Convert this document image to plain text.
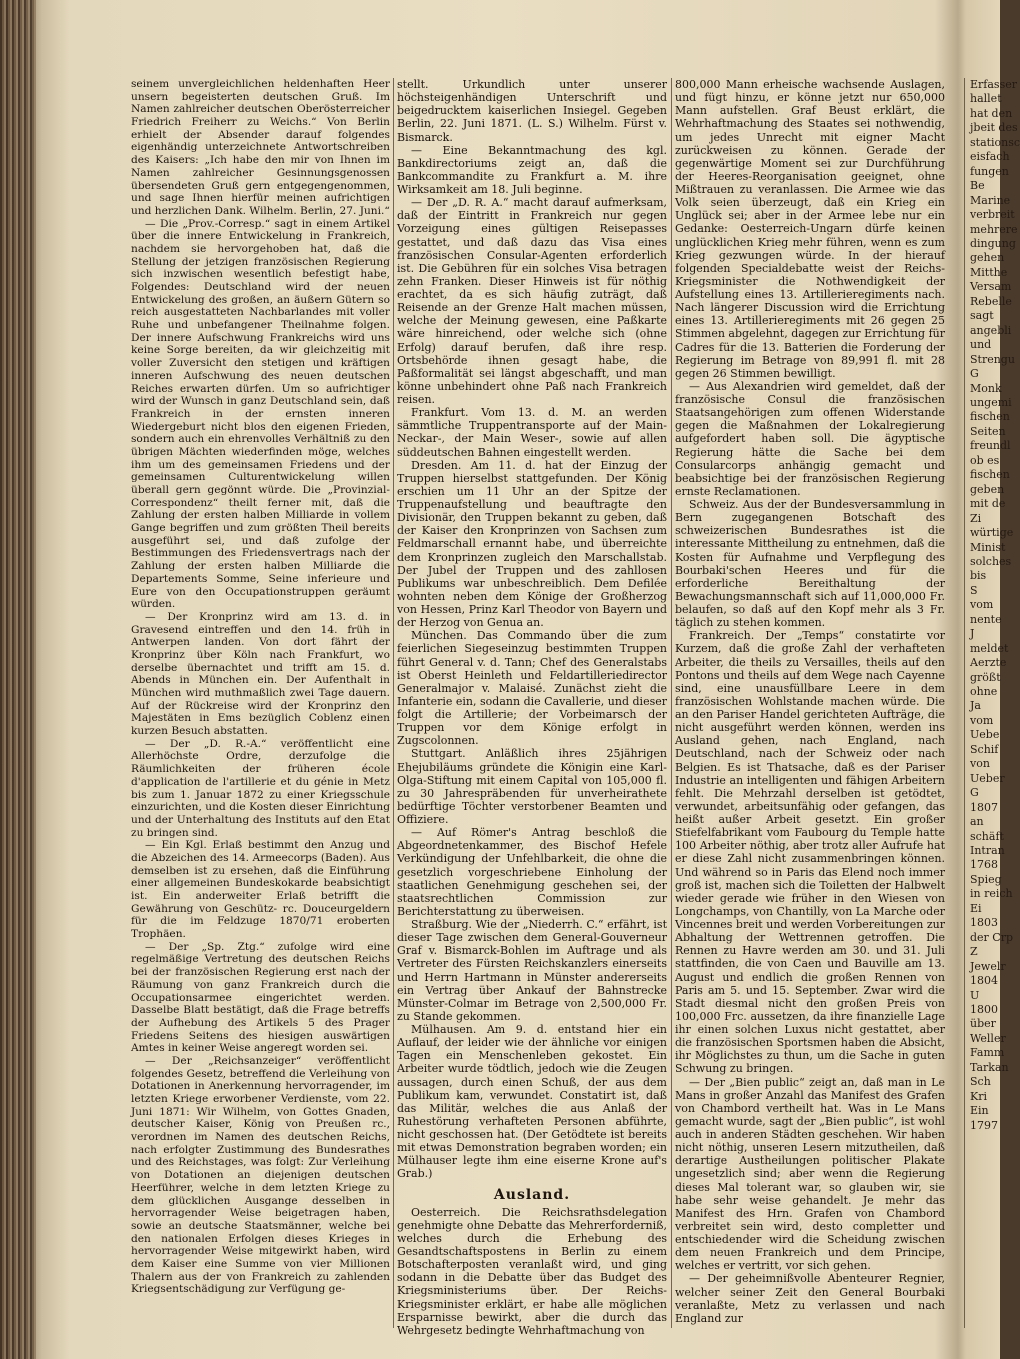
seinem unvergleichlichen heldenhaften Heer unsern begeisterten deutschen Gruß. Im Namen zahlreicher deutschen Oberösterreicher Friedrich Freiherr zu Weichs.“ Von Berlin erhielt der Absender darauf folgendes eigenhändig unterzeichnete Antwortschreiben des Kaisers: „Ich habe den mir von Ihnen im Namen zahlreicher Gesinnungsgenossen übersendeten Gruß gern entgegengenommen, und sage Ihnen hierfür meinen aufrichtigen und herzlichen Dank. Wilhelm. Berlin, 27. Juni.“

— Die „Prov.-Corresp.“ sagt in einem Artikel über die innere Entwickelung in Frankreich, nachdem sie hervorgehoben hat, daß die Stellung der jetzigen französischen Regierung sich inzwischen wesentlich befestigt habe, Folgendes: Deutschland wird der neuen Entwickelung des großen, an äußern Gütern so reich ausgestatteten Nachbarlandes mit voller Ruhe und unbefangener Theilnahme folgen. Der innere Aufschwung Frankreichs wird uns keine Sorge bereiten, da wir gleichzeitig mit voller Zuversicht den stetigen und kräftigen inneren Aufschwung des neuen deutschen Reiches erwarten dürfen. Um so aufrichtiger wird der Wunsch in ganz Deutschland sein, daß Frankreich in der ernsten inneren Wiedergeburt nicht blos den eigenen Frieden, sondern auch ein ehrenvolles Verhältniß zu den übrigen Mächten wiederfinden möge, welches ihm um des gemeinsamen Friedens und der gemeinsamen Culturentwickelung willen überall gern gegönnt würde. Die „Provinzial-Correspondenz“ theilt ferner mit, daß die Zahlung der ersten halben Milliarde in vollem Gange begriffen und zum größten Theil bereits ausgeführt sei, und daß zufolge der Bestimmungen des Friedensvertrags nach der Zahlung der ersten halben Milliarde die Departements Somme, Seine inferieure und Eure von den Occupationstruppen geräumt würden.

— Der Kronprinz wird am 13. d. in Gravesend eintreffen und den 14. früh in Antwerpen landen. Von dort fährt der Kronprinz über Köln nach Frankfurt, wo derselbe übernachtet und trifft am 15. d. Abends in München ein. Der Aufenthalt in München wird muthmaßlich zwei Tage dauern. Auf der Rückreise wird der Kronprinz den Majestäten in Ems bezüglich Coblenz einen kurzen Besuch abstatten.

— Der „D. R.-A.“ veröffentlicht eine Allerhöchste Ordre, derzufolge die Räumlichkeiten der früheren école d'application de l'artillerie et du génie in Metz bis zum 1. Januar 1872 zu einer Kriegsschule einzurichten, und die Kosten dieser Einrichtung und der Unterhaltung des Instituts auf den Etat zu bringen sind.

— Ein Kgl. Erlaß bestimmt den Anzug und die Abzeichen des 14. Armeecorps (Baden). Aus demselben ist zu ersehen, daß die Einführung einer allgemeinen Bundeskokarde beabsichtigt ist. Ein anderweiter Erlaß betrifft die Gewährung von Geschütz- rc. Douceurgeldern für die im Feldzuge 1870/71 eroberten Trophäen.

— Der „Sp. Ztg.“ zufolge wird eine regelmäßige Vertretung des deutschen Reichs bei der französischen Regierung erst nach der Räumung von ganz Frankreich durch die Occupationsarmee eingerichtet werden. Dasselbe Blatt bestätigt, daß die Frage betreffs der Aufhebung des Artikels 5 des Prager Friedens Seitens des hiesigen auswärtigen Amtes in keiner Weise angeregt worden sei.

— Der „Reichsanzeiger“ veröffentlicht folgendes Gesetz, betreffend die Verleihung von Dotationen in Anerkennung hervorragender, im letzten Kriege erworbener Verdienste, vom 22. Juni 1871: Wir Wilhelm, von Gottes Gnaden, deutscher Kaiser, König von Preußen rc., verordnen im Namen des deutschen Reichs, nach erfolgter Zustimmung des Bundesrathes und des Reichstages, was folgt: Zur Verleihung von Dotationen an diejenigen deutschen Heerführer, welche in dem letzten Kriege zu dem glücklichen Ausgange desselben in hervorragender Weise beigetragen haben, sowie an deutsche Staatsmänner, welche bei den nationalen Erfolgen dieses Krieges in hervorragender Weise mitgewirkt haben, wird dem Kaiser eine Summe von vier Millionen Thalern aus der von Frankreich zu zahlenden Kriegsentschädigung zur Verfügung ge-

stellt. Urkundlich unter unserer höchsteigenhändigen Unterschrift und beigedrucktem kaiserlichen Insiegel. Gegeben Berlin, 22. Juni 1871. (L. S.) Wilhelm. Fürst v. Bismarck.

— Eine Bekanntmachung des kgl. Bankdirectoriums zeigt an, daß die Bankcommandite zu Frankfurt a. M. ihre Wirksamkeit am 18. Juli beginne.

— Der „D. R. A.“ macht darauf aufmerksam, daß der Eintritt in Frankreich nur gegen Vorzeigung eines gültigen Reisepasses gestattet, und daß dazu das Visa eines französischen Consular-Agenten erforderlich ist. Die Gebühren für ein solches Visa betragen zehn Franken. Dieser Hinweis ist für nöthig erachtet, da es sich häufig zuträgt, daß Reisende an der Grenze Halt machen müssen, welche der Meinung gewesen, eine Paßkarte wäre hinreichend, oder welche sich (ohne Erfolg) darauf berufen, daß ihre resp. Ortsbehörde ihnen gesagt habe, die Paßformalität sei längst abgeschafft, und man könne unbehindert ohne Paß nach Frankreich reisen.

Frankfurt. Vom 13. d. M. an werden sämmtliche Truppentransporte auf der Main-Neckar-, der Main Weser-, sowie auf allen süddeutschen Bahnen eingestellt werden.

Dresden. Am 11. d. hat der Einzug der Truppen hierselbst stattgefunden. Der König erschien um 11 Uhr an der Spitze der Truppenaufstellung und beauftragte den Divisionär, den Truppen bekannt zu geben, daß der Kaiser den Kronprinzen von Sachsen zum Feldmarschall ernannt habe, und überreichte dem Kronprinzen zugleich den Marschallstab. Der Jubel der Truppen und des zahllosen Publikums war unbeschreiblich. Dem Defilée wohnten neben dem Könige der Großherzog von Hessen, Prinz Karl Theodor von Bayern und der Herzog von Genua an.

München. Das Commando über die zum feierlichen Siegeseinzug bestimmten Truppen führt General v. d. Tann; Chef des Generalstabs ist Oberst Heinleth und Feldartilleriedirector Generalmajor v. Malaisé. Zunächst zieht die Infanterie ein, sodann die Cavallerie, und dieser folgt die Artillerie; der Vorbeimarsch der Truppen vor dem Könige erfolgt in Zugscolonnen.

Stuttgart. Anläßlich ihres 25jährigen Ehejubiläums gründete die Königin eine Karl-Olga-Stiftung mit einem Capital von 105,000 fl. zu 30 Jahrespräbenden für unverheirathete bedürftige Töchter verstorbener Beamten und Offiziere.

— Auf Römer's Antrag beschloß die Abgeordnetenkammer, des Bischof Hefele Verkündigung der Unfehlbarkeit, die ohne die gesetzlich vorgeschriebene Einholung der staatlichen Genehmigung geschehen sei, der staatsrechtlichen Commission zur Berichterstattung zu überweisen.

Straßburg. Wie der „Niederrh. C.“ erfährt, ist dieser Tage zwischen dem General-Gouverneur Graf v. Bismarck-Bohlen im Auftrage und als Vertreter des Fürsten Reichskanzlers einerseits und Herrn Hartmann in Münster andererseits ein Vertrag über Ankauf der Bahnstrecke Münster-Colmar im Betrage von 2,500,000 Fr. zu Stande gekommen.

Mülhausen. Am 9. d. entstand hier ein Auflauf, der leider wie der ähnliche vor einigen Tagen ein Menschenleben gekostet. Ein Arbeiter wurde tödtlich, jedoch wie die Zeugen aussagen, durch einen Schuß, der aus dem Publikum kam, verwundet. Constatirt ist, daß das Militär, welches die aus Anlaß der Ruhestörung verhafteten Personen abführte, nicht geschossen hat. (Der Getödtete ist bereits mit etwas Demonstration begraben worden; ein Mülhauser legte ihm eine eiserne Krone auf's Grab.)

Ausland.

Oesterreich. Die Reichsrathsdelegation genehmigte ohne Debatte das Mehrerforderniß, welches durch die Erhebung des Gesandtschaftspostens in Berlin zu einem Botschafterposten veranlaßt wird, und ging sodann in die Debatte über das Budget des Kriegsministeriums über. Der Reichs-Kriegsminister erklärt, er habe alle möglichen Ersparnisse bewirkt, aber die durch das Wehrgesetz bedingte Wehrhaftmachung von

800,000 Mann erheische wachsende Auslagen, und fügt hinzu, er könne jetzt nur 650,000 Mann aufstellen. Graf Beust erklärt, die Wehrhaftmachung des Staates sei nothwendig, um jedes Unrecht mit eigner Macht zurückweisen zu können. Gerade der gegenwärtige Moment sei zur Durchführung der Heeres-Reorganisation geeignet, ohne Mißtrauen zu veranlassen. Die Armee wie das Volk seien überzeugt, daß ein Krieg ein Unglück sei; aber in der Armee lebe nur ein Gedanke: Oesterreich-Ungarn dürfe keinen unglücklichen Krieg mehr führen, wenn es zum Krieg gezwungen würde. In der hierauf folgenden Specialdebatte weist der Reichs-Kriegsminister die Nothwendigkeit der Aufstellung eines 13. Artillerieregiments nach. Nach längerer Discussion wird die Errichtung eines 13. Artillerieregiments mit 26 gegen 25 Stimmen abgelehnt, dagegen zur Errichtung für Cadres für die 13. Batterien die Forderung der Regierung im Betrage von 89,991 fl. mit 28 gegen 26 Stimmen bewilligt.

— Aus Alexandrien wird gemeldet, daß der französische Consul die französischen Staatsangehörigen zum offenen Widerstande gegen die Maßnahmen der Lokalregierung aufgefordert haben soll. Die ägyptische Regierung hätte die Sache bei dem Consularcorps anhängig gemacht und beabsichtige bei der französischen Regierung ernste Reclamationen.

Schweiz. Aus der der Bundesversammlung in Bern zugegangenen Botschaft des schweizerischen Bundesrathes ist die interessante Mittheilung zu entnehmen, daß die Kosten für Aufnahme und Verpflegung des Bourbaki'schen Heeres und für die erforderliche Bereithaltung der Bewachungsmannschaft sich auf 11,000,000 Fr. belaufen, so daß auf den Kopf mehr als 3 Fr. täglich zu stehen kommen.

Frankreich. Der „Temps“ constatirte vor Kurzem, daß die große Zahl der verhafteten Arbeiter, die theils zu Versailles, theils auf den Pontons und theils auf dem Wege nach Cayenne sind, eine unausfüllbare Leere in dem französischen Wohlstande machen würde. Die an den Pariser Handel gerichteten Aufträge, die nicht ausgeführt werden können, werden ins Ausland gehen, nach England, nach Deutschland, nach der Schweiz oder nach Belgien. Es ist Thatsache, daß es der Pariser Industrie an intelligenten und fähigen Arbeitern fehlt. Die Mehrzahl derselben ist getödtet, verwundet, arbeitsunfähig oder gefangen, das heißt außer Arbeit gesetzt. Ein großer Stiefelfabrikant vom Faubourg du Temple hatte 100 Arbeiter nöthig, aber trotz aller Aufrufe hat er diese Zahl nicht zusammenbringen können. Und während so in Paris das Elend noch immer groß ist, machen sich die Toiletten der Halbwelt wieder gerade wie früher in den Wiesen von Longchamps, von Chantilly, von La Marche oder Vincennes breit und werden Vorbereitungen zur Abhaltung der Wettrennen getroffen. Die Rennen zu Havre werden am 30. und 31. Juli stattfinden, die von Caen und Bauville am 13. August und endlich die großen Rennen von Paris am 5. und 15. September. Zwar wird die Stadt diesmal nicht den großen Preis von 100,000 Frc. aussetzen, da ihre finanzielle Lage ihr einen solchen Luxus nicht gestattet, aber die französischen Sportsmen haben die Absicht, ihr Möglichstes zu thun, um die Sache in guten Schwung zu bringen.

— Der „Bien public“ zeigt an, daß man in Le Mans in großer Anzahl das Manifest des Grafen von Chambord vertheilt hat. Was in Le Mans gemacht wurde, sagt der „Bien public“, ist wohl auch in anderen Städten geschehen. Wir haben nicht nöthig, unseren Lesern mitzutheilen, daß derartige Austheilungen politischer Plakate ungesetzlich sind; aber wenn die Regierung dieses Mal tolerant war, so glauben wir, sie habe sehr weise gehandelt. Je mehr das Manifest des Hrn. Grafen von Chambord verbreitet sein wird, desto completter und entschiedender wird die Scheidung zwischen dem neuen Frankreich und dem Principe, welches er vertritt, vor sich gehen.

— Der geheimnißvolle Abenteurer Regnier, welcher seiner Zeit den General Bourbaki veranlaßte, Metz zu verlassen und nach England zur

Erfasser
hallet
hat den
jbeit des
stationsc
eisfach
fungen
Be
Marine
verbreit
mehrere
dingung
gehen
Mitthe
Versam
Rebelle
sagt
angebli
und
Strengu
G
Monk
ungemi
fischen
Seiten
freundl
ob es
fischen
geben
mit de
Zi
würtige
Minist
solches
bis
S
vom
nente
J
meldet
Aerzte
größt
ohne
Ja
vom
Uebe
Schif
von
Ueber
G
1807
an
schäft
Intran
1768
Spieg
in reich
Ei
1803
der Crp
Z
Jewelr
1804
U
1800
über
Weller
Famm
Tarkan
Sch
Kri
Ein
1797
